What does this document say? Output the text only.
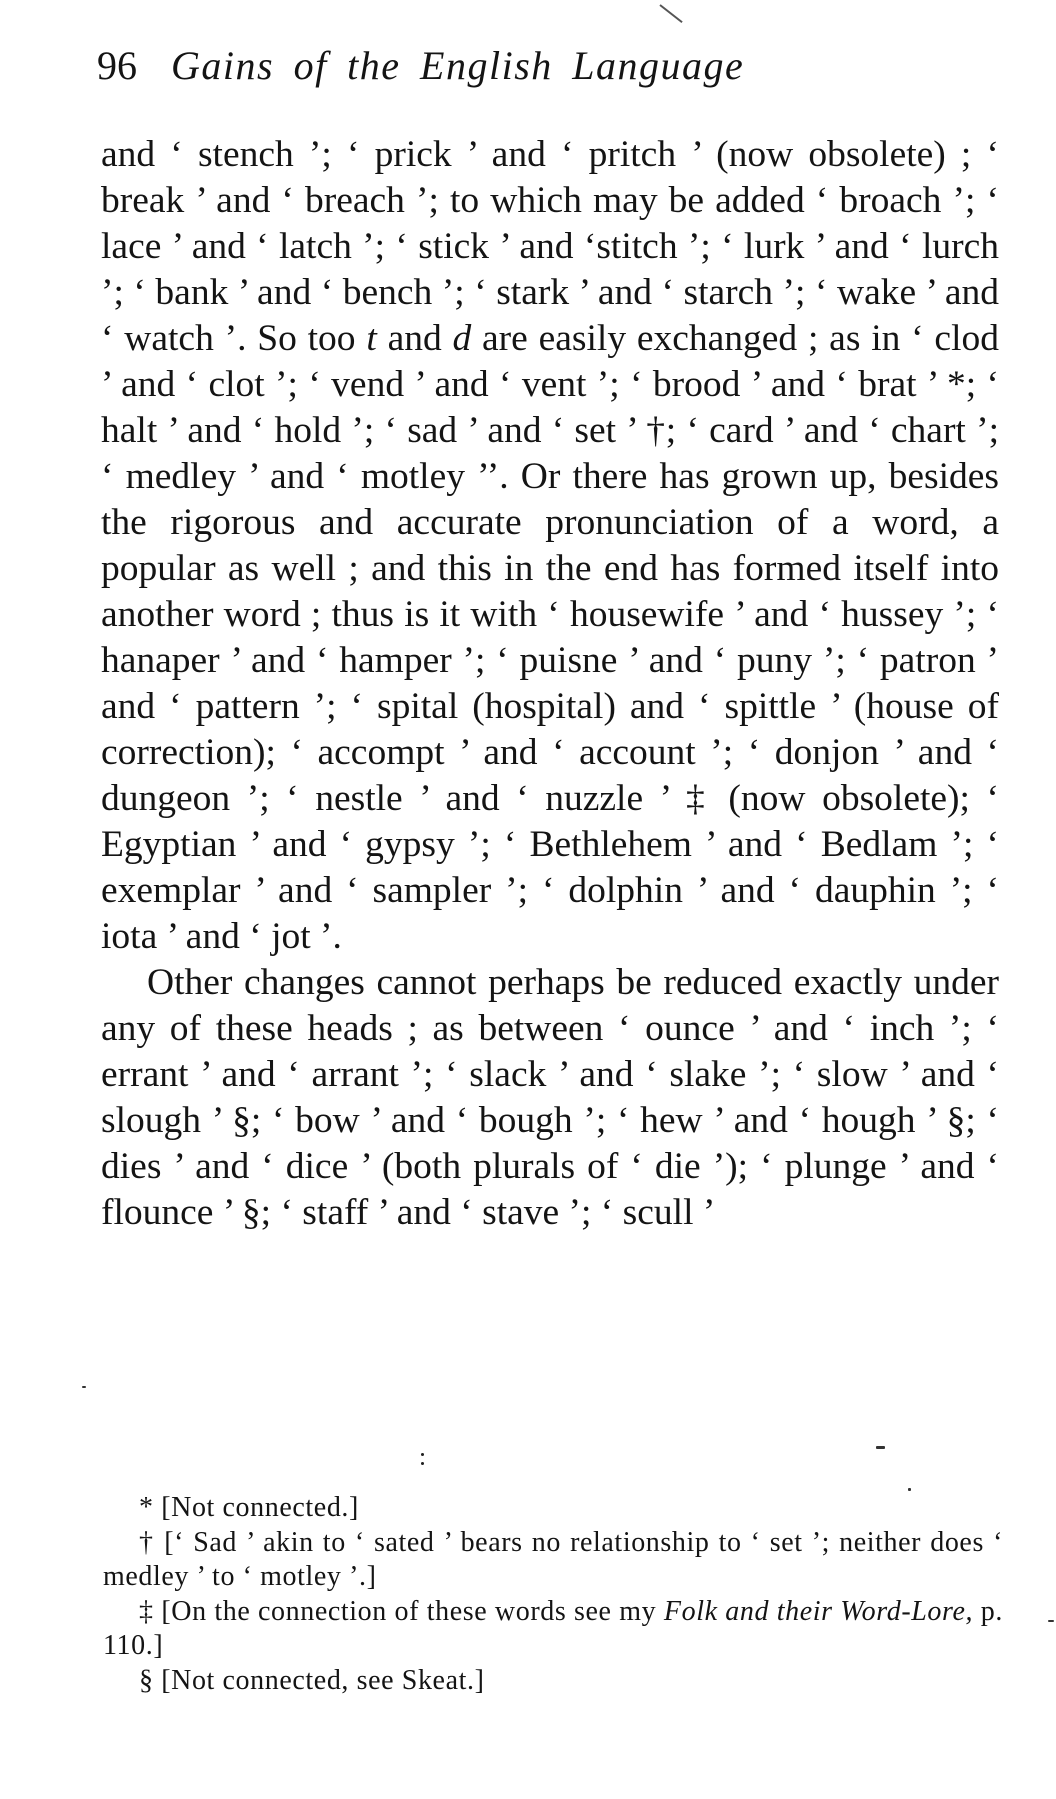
96 Gains of the English Language

and ‘ stench ’; ‘ prick ’ and ‘ pritch ’ (now obsolete) ; ‘ break ’ and ‘ breach ’; to which may be added ‘ broach ’; ‘ lace ’ and ‘ latch ’; ‘ stick ’ and ‘stitch ’; ‘ lurk ’ and ‘ lurch ’; ‘ bank ’ and ‘ bench ’; ‘ stark ’ and ‘ starch ’; ‘ wake ’ and ‘ watch ’. So too t and d are easily exchanged ; as in ‘ clod ’ and ‘ clot ’; ‘ vend ’ and ‘ vent ’; ‘ brood ’ and ‘ brat ’ *; ‘ halt ’ and ‘ hold ’; ‘ sad ’ and ‘ set ’ †; ‘ card ’ and ‘ chart ’; ‘ medley ’ and ‘ motley ’’. Or there has grown up, besides the rigorous and accurate pronunciation of a word, a popular as well ; and this in the end has formed itself into another word ; thus is it with ‘ housewife ’ and ‘ hussey ’; ‘ hanaper ’ and ‘ hamper ’; ‘ puisne ’ and ‘ puny ’; ‘ patron ’ and ‘ pattern ’; ‘ spital (hospital) and ‘ spittle ’ (house of correction); ‘ accompt ’ and ‘ account ’; ‘ donjon ’ and ‘ dungeon ’; ‘ nestle ’ and ‘ nuzzle ’ ‡ (now obsolete); ‘ Egyptian ’ and ‘ gypsy ’; ‘ Bethlehem ’ and ‘ Bedlam ’; ‘ exemplar ’ and ‘ sampler ’; ‘ dolphin ’ and ‘ dauphin ’; ‘ iota ’ and ‘ jot ’.

Other changes cannot perhaps be reduced exactly under any of these heads ; as between ‘ ounce ’ and ‘ inch ’; ‘ errant ’ and ‘ arrant ’; ‘ slack ’ and ‘ slake ’; ‘ slow ’ and ‘ slough ’ §; ‘ bow ’ and ‘ bough ’; ‘ hew ’ and ‘ hough ’ §; ‘ dies ’ and ‘ dice ’ (both plurals of ‘ die ’); ‘ plunge ’ and ‘ flounce ’ §; ‘ staff ’ and ‘ stave ’; ‘ scull ’

* [Not connected.]

† [‘ Sad ’ akin to ‘ sated ’ bears no relationship to ‘ set ’; neither does ‘ medley ’ to ‘ motley ’.]

‡ [On the connection of these words see my Folk and their Word-Lore, p. 110.]

§ [Not connected, see Skeat.]
